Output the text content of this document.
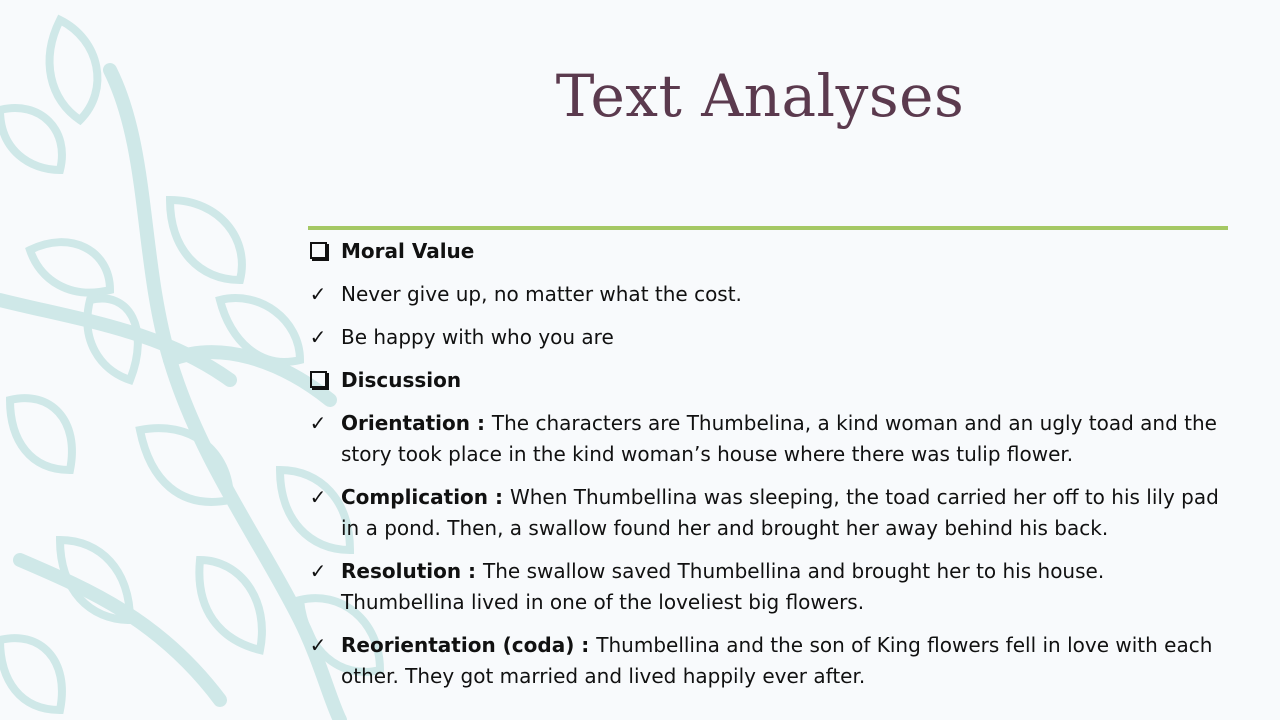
Text Analyses
Moral Value
✓ Never give up, no matter what the cost.
✓ Be happy with who you are
Discussion
✓ Orientation : The characters are Thumbelina, a kind woman and an ugly toad and the story took place in the kind woman’s house where there was tulip flower.
✓ Complication : When Thumbellina was sleeping, the toad carried her off to his lily pad in a pond. Then, a swallow found her and brought her away behind his back.
✓ Resolution : The swallow saved Thumbellina and brought her to his house. Thumbellina lived in one of the loveliest big flowers.
✓ Reorientation (coda) : Thumbellina and the son of King flowers fell in love with each other. They got married and lived happily ever after.
